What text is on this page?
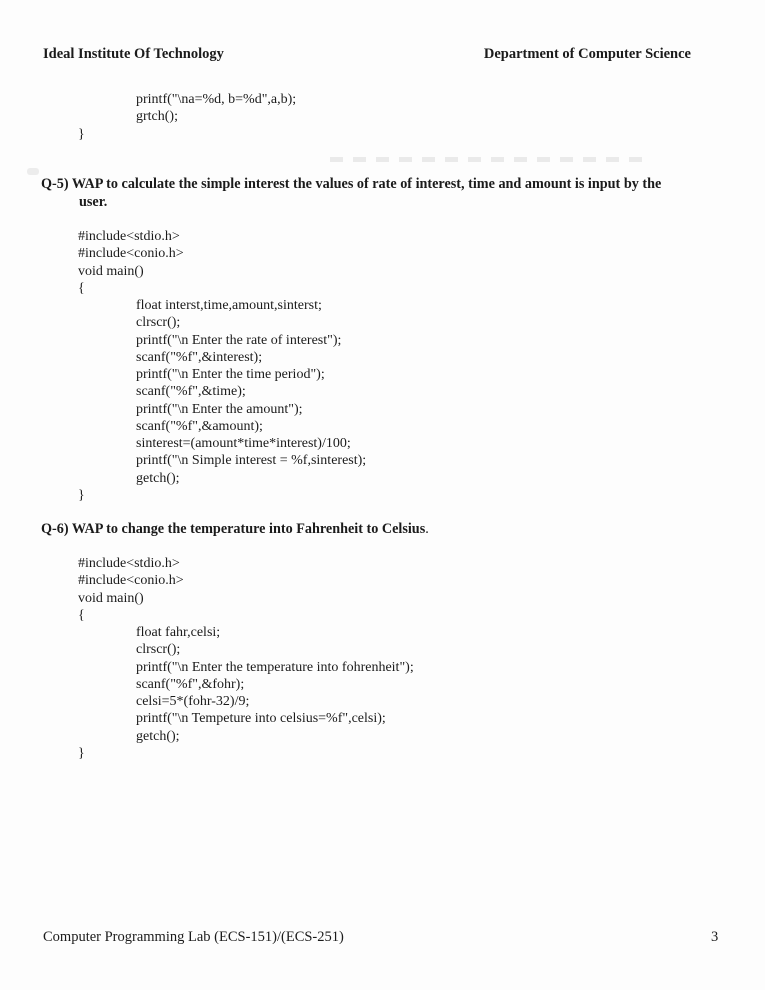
Ideal Institute Of Technology	Department of Computer Science
printf("\na=%d, b=%d",a,b);
grtch();
}
Q-5) WAP to calculate the simple interest the values of rate of interest, time and amount is input by the
user.
#include<stdio.h>
#include<conio.h>
void main()
{
float interst,time,amount,sinterst;
clrscr();
printf("\n Enter the rate of interest");
scanf("%f",&interest);
printf("\n Enter the time period");
scanf("%f",&time);
printf("\n Enter the amount");
scanf("%f",&amount);
sinterest=(amount*time*interest)/100;
printf("\n Simple interest = %f,sinterest);
getch();
}
Q-6) WAP to change the temperature into Fahrenheit to Celsius.
#include<stdio.h>
#include<conio.h>
void main()
{
float fahr,celsi;
clrscr();
printf("\n Enter the temperature into fohrenheit");
scanf("%f",&fohr);
celsi=5*(fohr-32)/9;
printf("\n Tempeture into celsius=%f",celsi);
getch();
}
Computer Programming Lab (ECS-151)/(ECS-251)	3
